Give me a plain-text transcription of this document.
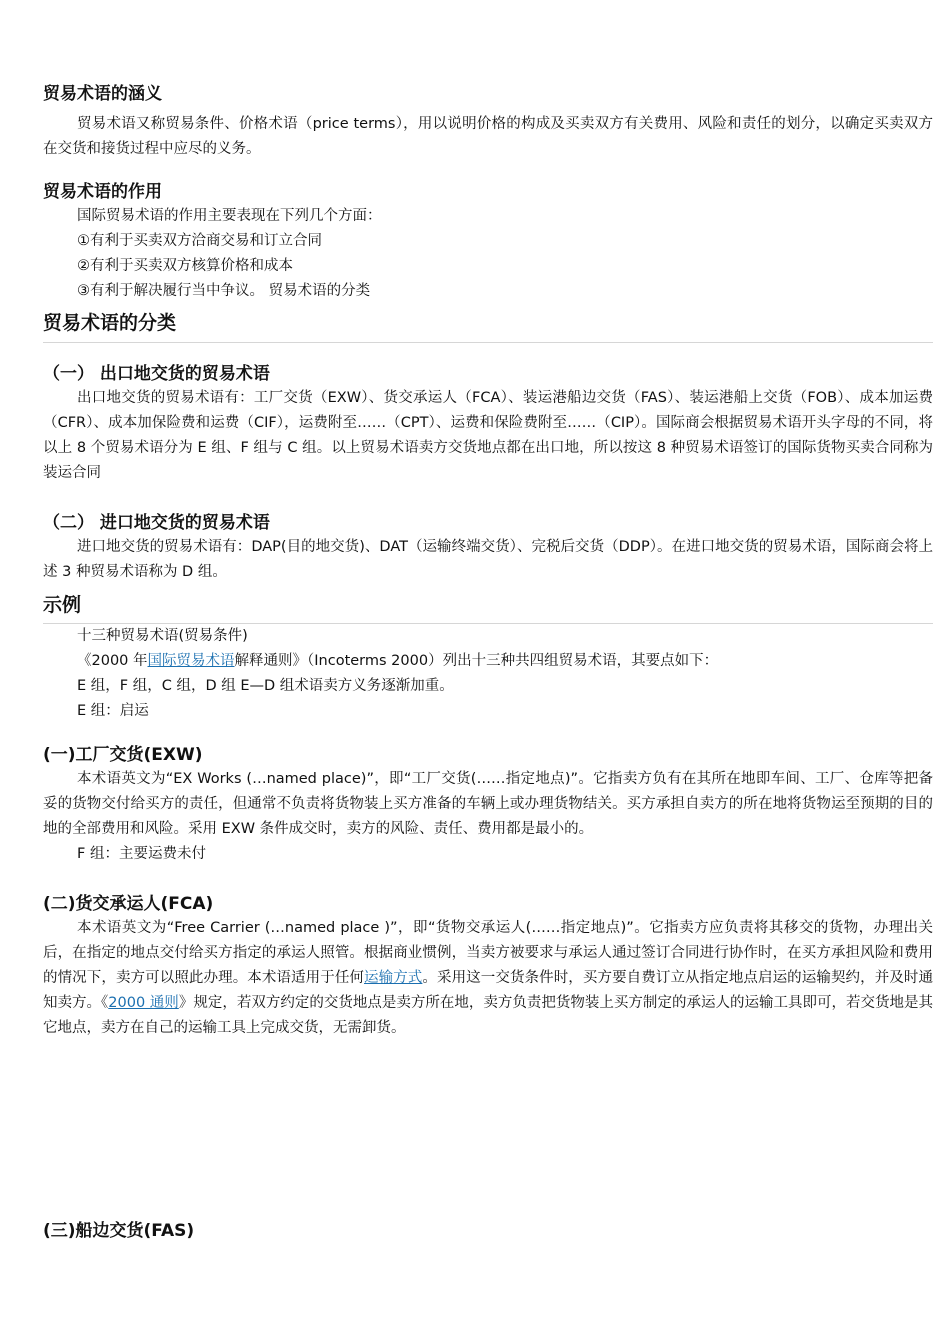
贸易术语的涵义

贸易术语又称贸易条件、价格术语（price terms），用以说明价格的构成及买卖双方有关费用、风险和责任的划分，以确定买卖双方在交货和接货过程中应尽的义务。

贸易术语的作用

国际贸易术语的作用主要表现在下列几个方面：

①有利于买卖双方洽商交易和订立合同

②有利于买卖双方核算价格和成本

③有利于解决履行当中争议。 贸易术语的分类

贸易术语的分类
（一） 出口地交货的贸易术语

出口地交货的贸易术语有：工厂交货（EXW）、货交承运人（FCA）、装运港船边交货（FAS）、装运港船上交货（FOB）、成本加运费（CFR）、成本加保险费和运费（CIF），运费附至……（CPT）、运费和保险费附至……（CIP）。国际商会根据贸易术语开头字母的不同，将以上 8 个贸易术语分为 E 组、F 组与 C 组。以上贸易术语卖方交货地点都在出口地，所以按这 8 种贸易术语签订的国际货物买卖合同称为装运合同

（二） 进口地交货的贸易术语

进口地交货的贸易术语有：DAP(目的地交货)、DAT（运输终端交货）、完税后交货（DDP）。在进口地交货的贸易术语，国际商会将上述 3 种贸易术语称为 D 组。

示例

十三种贸易术语(贸易条件)

《2000 年国际贸易术语解释通则》（Incoterms 2000）列出十三种共四组贸易术语，其要点如下：

E 组，F 组，C 组，D 组 E—D 组术语卖方义务逐渐加重。

E 组：启运

(一)工厂交货(EXW)

本术语英文为“EX Works (…named place)”，即“工厂交货(……指定地点)”。它指卖方负有在其所在地即车间、工厂、仓库等把备妥的货物交付给买方的责任，但通常不负责将货物装上买方准备的车辆上或办理货物结关。买方承担自卖方的所在地将货物运至预期的目的地的全部费用和风险。采用 EXW 条件成交时，卖方的风险、责任、费用都是最小的。

F 组：主要运费未付

(二)货交承运人(FCA)

本术语英文为“Free Carrier (…named place )”，即“货物交承运人(……指定地点)”。它指卖方应负责将其移交的货物，办理出关后，在指定的地点交付给买方指定的承运人照管。根据商业惯例，当卖方被要求与承运人通过签订合同进行协作时，在买方承担风险和费用的情况下，卖方可以照此办理。本术语适用于任何运输方式。采用这一交货条件时，买方要自费订立从指定地点启运的运输契约，并及时通知卖方。《2000 通则》规定，若双方约定的交货地点是卖方所在地，卖方负责把货物装上买方制定的承运人的运输工具即可，若交货地是其它地点，卖方在自己的运输工具上完成交货，无需卸货。

(三)船边交货(FAS)
